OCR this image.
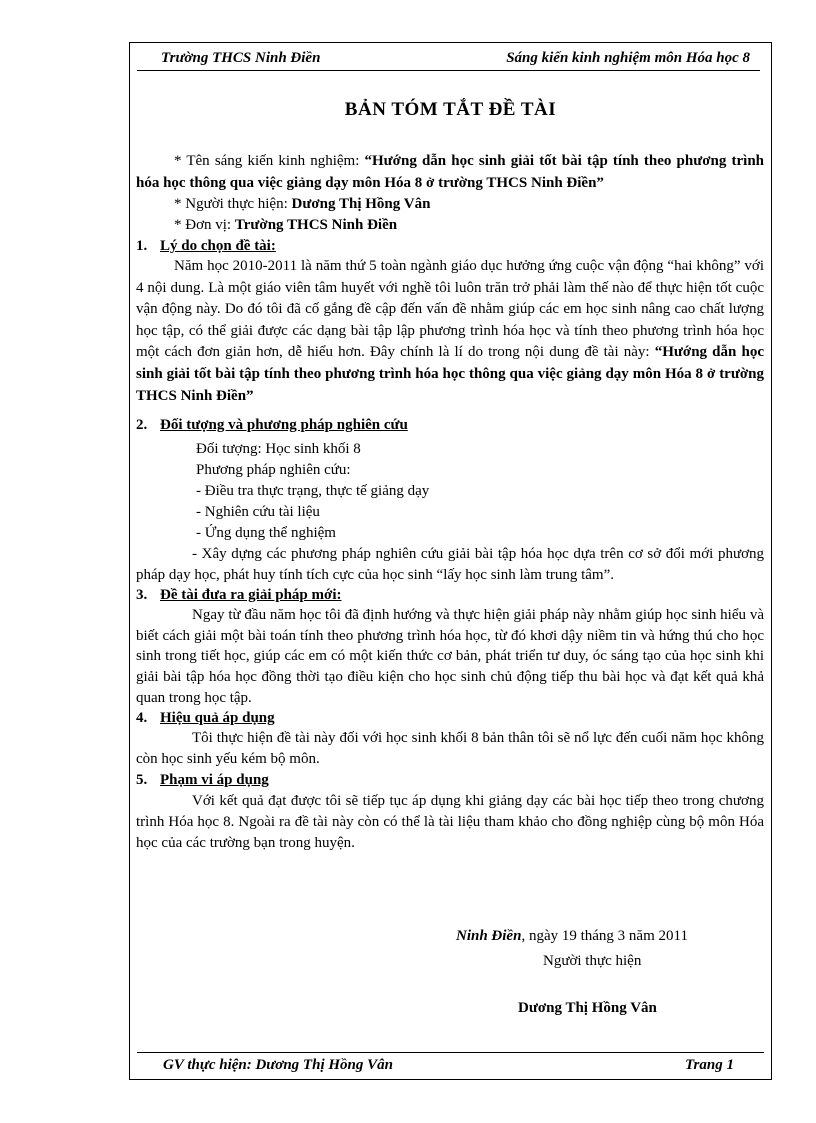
Trường THCS Ninh Điền	Sáng kiến kinh nghiệm môn Hóa học 8
BẢN TÓM TẮT ĐỀ TÀI

* Tên sáng kiến kinh nghiệm: “Hướng dẫn học sinh giải tốt bài tập tính theo phương trình hóa học thông qua việc giảng dạy môn Hóa 8 ở trường THCS Ninh Điền”

* Người thực hiện: Dương Thị Hồng Vân

* Đơn vị: Trường THCS Ninh Điền

1. Lý do chọn đề tài:

Năm học 2010-2011 là năm thứ 5 toàn ngành giáo dục hưởng ứng cuộc vận động “hai không” với 4 nội dung. Là một giáo viên tâm huyết với nghề tôi luôn trăn trở phải làm thế nào để thực hiện tốt cuộc vận động này. Do đó tôi đã cố gắng đề cập đến vấn đề nhằm giúp các em học sinh nâng cao chất lượng học tập, có thể giải được các dạng bài tập lập phương trình hóa học và tính theo phương trình hóa học một cách đơn giản hơn, dễ hiểu hơn. Đây chính là lí do trong nội dung đề tài này: “Hướng dẫn học sinh giải tốt bài tập tính theo phương trình hóa học thông qua việc giảng dạy môn Hóa 8 ở trường THCS Ninh Điền”

2. Đối tượng và phương pháp nghiên cứu

Đối tượng: Học sinh khối 8

Phương pháp nghiên cứu:

- Điều tra thực trạng, thực tế giảng dạy

- Nghiên cứu tài liệu

- Ứng dụng thể nghiệm

- Xây dựng các phương pháp nghiên cứu giải bài tập hóa học dựa trên cơ sở đổi mới phương pháp dạy học, phát huy tính tích cực của học sinh “lấy học sinh làm trung tâm”.

3. Đề tài đưa ra giải pháp mới:

Ngay từ đầu năm học tôi đã định hướng và thực hiện giải pháp này nhằm giúp học sinh hiểu và biết cách giải một bài toán tính theo phương trình hóa học, từ đó khơi dậy niềm tin và hứng thú cho học sinh trong tiết học, giúp các em có một kiến thức cơ bản, phát triển tư duy, óc sáng tạo của học sinh khi giải bài tập hóa học đồng thời tạo điều kiện cho học sinh chủ động tiếp thu bài học và đạt kết quả khả quan trong học tập.

4. Hiệu quả áp dụng

Tôi thực hiện đề tài này đối với học sinh khối 8 bản thân tôi sẽ nổ lực đến cuối năm học không còn học sinh yếu kém bộ môn.

5. Phạm vi áp dụng

Với kết quả đạt được tôi sẽ tiếp tục áp dụng khi giảng dạy các bài học tiếp theo trong chương trình Hóa học 8. Ngoài ra đề tài này còn có thể là tài liệu tham khảo cho đồng nghiệp cùng bộ môn Hóa học của các trường bạn trong huyện.

Ninh Điền, ngày 19 tháng 3 năm 2011
Người thực hiện
Dương Thị Hồng Vân
GV thực hiện: Dương Thị Hồng Vân	Trang 1
